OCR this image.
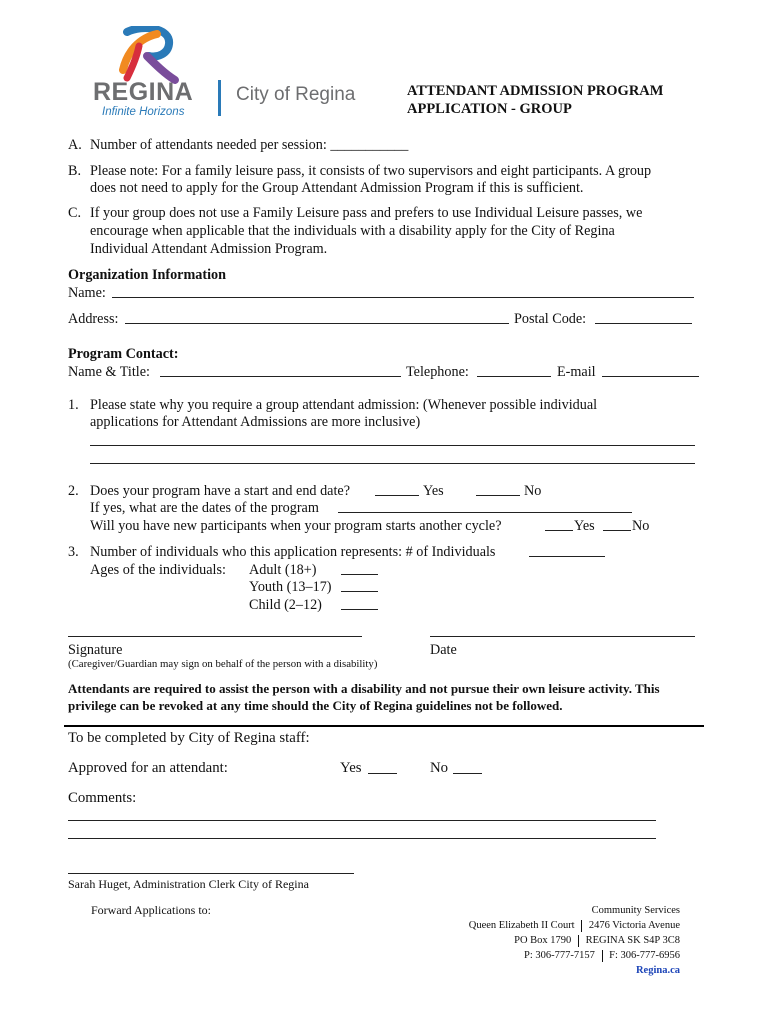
REGINA
Infinite Horizons
City of Regina	ATTENDANT ADMISSION PROGRAM
APPLICATION - GROUP
A. Number of attendants needed per session: ___________
B. Please note: For a family leisure pass, it consists of two supervisors and eight participants. A group
does not need to apply for the Group Attendant Admission Program if this is sufficient.
C. If your group does not use a Family Leisure pass and prefers to use Individual Leisure passes, we
encourage when applicable that the individuals with a disability apply for the City of Regina
Individual Attendant Admission Program.
Organization Information
Name:
Address:	Postal Code:
Program Contact:
Name & Title:	Telephone:	E-mail
1. Please state why you require a group attendant admission: (Whenever possible individual
applications for Attendant Admissions are more inclusive)
2. Does your program have a start and end date?	Yes	No
If yes, what are the dates of the program
Will you have new participants when your program starts another cycle?	Yes	No
3. Number of individuals who this application represents: # of Individuals
Ages of the individuals: Adult (18+)
Youth (13–17)
Child (2–12)
Signature	Date
(Caregiver/Guardian may sign on behalf of the person with a disability)
Attendants are required to assist the person with a disability and not pursue their own leisure activity. This
privilege can be revoked at any time should the City of Regina guidelines not be followed.
To be completed by City of Regina staff:
Approved for an attendant:	Yes	No
Comments:
Sarah Huget, Administration Clerk City of Regina
Forward Applications to:	Community Services
Queen Elizabeth II Court 2476 Victoria Avenue
PO Box 1790 REGINA SK S4P 3C8
P: 306-777-7157 F: 306-777-6956
Regina.ca
